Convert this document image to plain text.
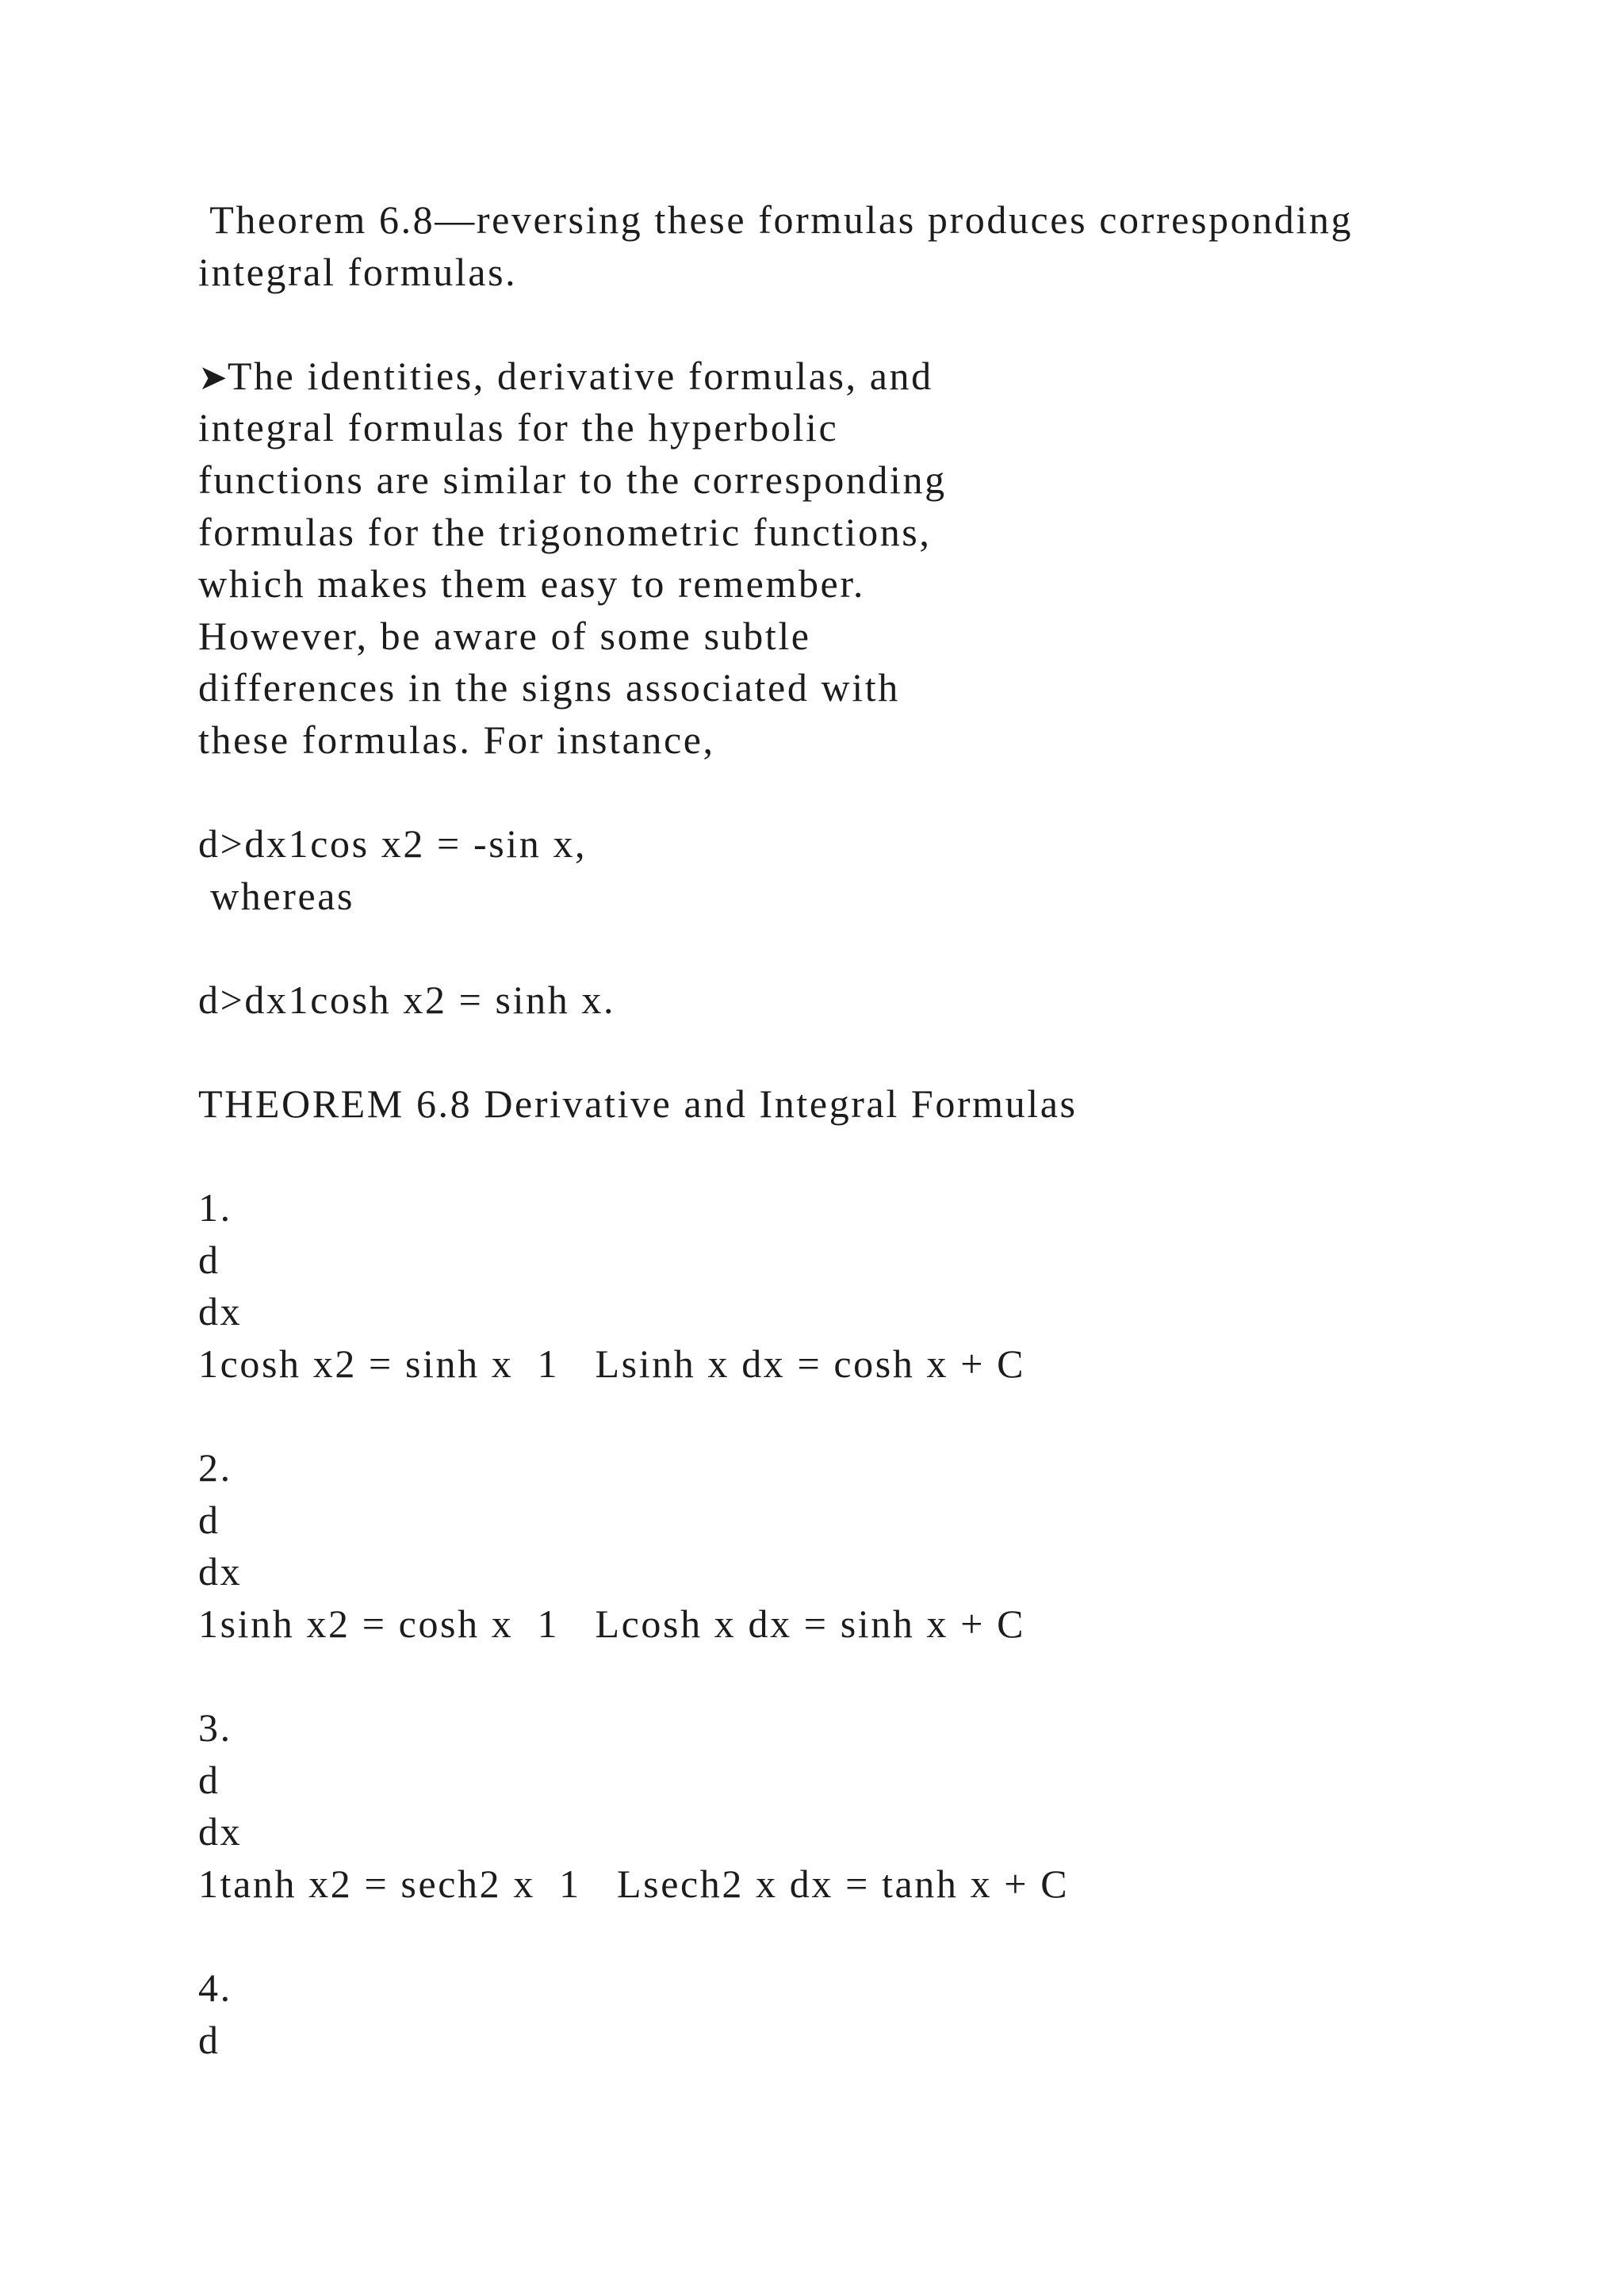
Theorem 6.8—reversing these formulas produces corresponding
integral formulas.
➤The identities, derivative formulas, and
integral formulas for the hyperbolic
functions are similar to the corresponding
formulas for the trigonometric functions,
which makes them easy to remember.
However, be aware of some subtle
differences in the signs associated with
these formulas. For instance,
d>dx1cos x2 = -sin x,
whereas
d>dx1cosh x2 = sinh x.
THEOREM 6.8 Derivative and Integral Formulas
1.
d
dx
1cosh x2 = sinh x  1   Lsinh x dx = cosh x + C
2.
d
dx
1sinh x2 = cosh x  1   Lcosh x dx = sinh x + C
3.
d
dx
1tanh x2 = sech2 x  1   Lsech2 x dx = tanh x + C
4.
d
